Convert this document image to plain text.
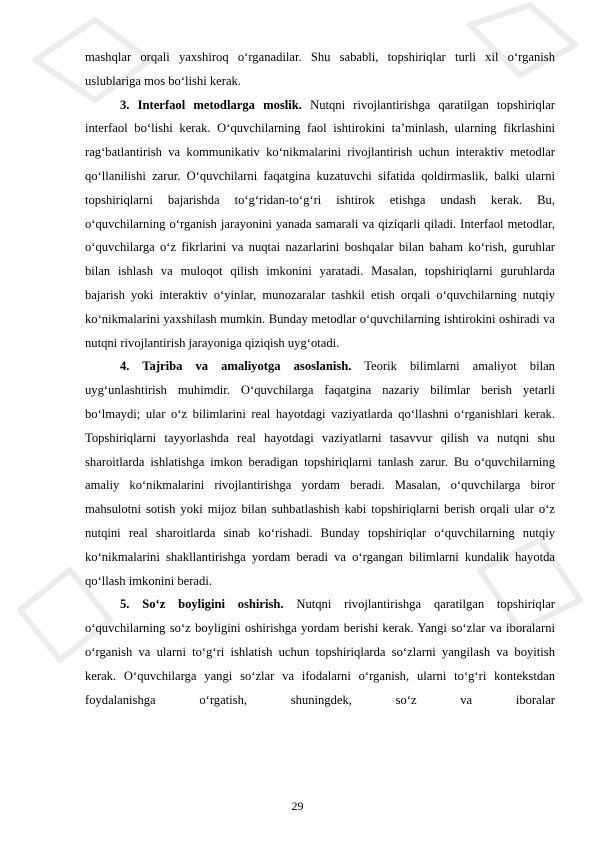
mashqlar orqali yaxshiroq o‘rganadilar. Shu sababli, topshiriqlar turli xil o‘rganish uslublariga mos bo‘lishi kerak.

3. Interfaol metodlarga moslik. Nutqni rivojlantirishga qaratilgan topshiriqlar interfaol bo‘lishi kerak. O‘quvchilarning faol ishtirokini ta’minlash, ularning fikrlashini rag‘batlantirish va kommunikativ ko‘nikmalarini rivojlantirish uchun interaktiv metodlar qo‘llanilishi zarur. O‘quvchilarni faqatgina kuzatuvchi sifatida qoldirmaslik, balki ularni topshiriqlarni bajarishda to‘g‘ridan-to‘g‘ri ishtirok etishga undash kerak. Bu, o‘quvchilarning o‘rganish jarayonini yanada samarali va qiziqarli qiladi. Interfaol metodlar, o‘quvchilarga o‘z fikrlarini va nuqtai nazarlarini boshqalar bilan baham ko‘rish, guruhlar bilan ishlash va muloqot qilish imkonini yaratadi. Masalan, topshiriqlarni guruhlarda bajarish yoki interaktiv o‘yinlar, munozaralar tashkil etish orqali o‘quvchilarning nutqiy ko‘nikmalarini yaxshilash mumkin. Bunday metodlar o‘quvchilarning ishtirokini oshiradi va nutqni rivojlantirish jarayoniga qiziqish uyg‘otadi.

4. Tajriba va amaliyotga asoslanish. Teorik bilimlarni amaliyot bilan uyg‘unlashtirish muhimdir. O‘quvchilarga faqatgina nazariy bilimlar berish yetarli bo‘lmaydi; ular o‘z bilimlarini real hayotdagi vaziyatlarda qo‘llashni o‘rganishlari kerak. Topshiriqlarni tayyorlashda real hayotdagi vaziyatlarni tasavvur qilish va nutqni shu sharoitlarda ishlatishga imkon beradigan topshiriqlarni tanlash zarur. Bu o‘quvchilarning amaliy ko‘nikmalarini rivojlantirishga yordam beradi. Masalan, o‘quvchilarga biror mahsulotni sotish yoki mijoz bilan suhbatlashish kabi topshiriqlarni berish orqali ular o‘z nutqini real sharoitlarda sinab ko‘rishadi. Bunday topshiriqlar o‘quvchilarning nutqiy ko‘nikmalarini shakllantirishga yordam beradi va o‘rgangan bilimlarni kundalik hayotda qo‘llash imkonini beradi.

5. So‘z boyligini oshirish. Nutqni rivojlantirishga qaratilgan topshiriqlar o‘quvchilarning so‘z boyligini oshirishga yordam berishi kerak. Yangi so‘zlar va iboralarni o‘rganish va ularni to‘g‘ri ishlatish uchun topshiriqlarda so‘zlarni yangilash va boyitish kerak. O‘quvchilarga yangi so‘zlar va ifodalarni o‘rganish, ularni to‘g‘ri kontekstdan foydalanishga o‘rgatish, shuningdek, so‘z va iboralar

29
